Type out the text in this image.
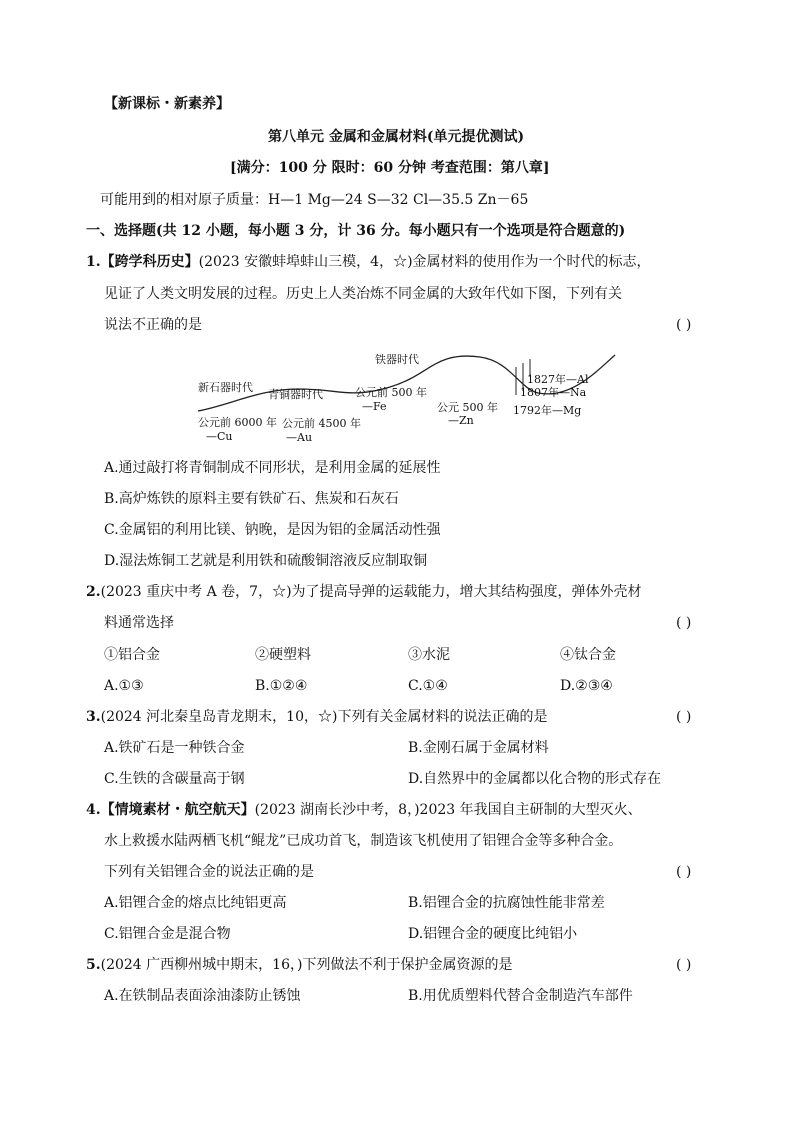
【新课标・新素养】
第八单元 金属和金属材料(单元提优测试)
[满分：100 分 限时：60 分钟 考查范围：第八章]
可能用到的相对原子质量：H—1 Mg—24 S—32 Cl—35.5 Zn－65
一、选择题(共 12 小题，每小题 3 分，计 36 分。每小题只有一个选项是符合题意的)
1.【跨学科历史】(2023 安徽蚌埠蚌山三模，4，☆)金属材料的使用作为一个时代的标志，
见证了人类文明发展的过程。历史上人类冶炼不同金属的大致年代如下图，下列有关
说法不正确的是	( )
新石器时代
青铜器时代
铁器时代
公元前 6000 年
—Cu
公元前 4500 年
—Au
公元前 500 年
—Fe	公元 500 年
—Zn
1827年—Al
1807年—Na
1792年—Mg
A.通过敲打将青铜制成不同形状，是利用金属的延展性
B.高炉炼铁的原料主要有铁矿石、焦炭和石灰石
C.金属铝的利用比镁、钠晚，是因为铝的金属活动性强
D.湿法炼铜工艺就是利用铁和硫酸铜溶液反应制取铜
2.(2023 重庆中考 A 卷，7，☆)为了提高导弹的运载能力，增大其结构强度，弹体外壳材
料通常选择	( )
①铝合金	②硬塑料	③水泥	④钛合金
A.①③	B.①②④	C.①④	D.②③④
3.(2024 河北秦皇岛青龙期末，10，☆)下列有关金属材料的说法正确的是	( )
A.铁矿石是一种铁合金	B.金刚石属于金属材料
C.生铁的含碳量高于钢	D.自然界中的金属都以化合物的形式存在
4.【情境素材・航空航天】(2023 湖南长沙中考，8，)2023 年我国自主研制的大型灭火、
水上救援水陆两栖飞机“鲲龙”已成功首飞，制造该飞机使用了铝锂合金等多种合金。
下列有关铝锂合金的说法正确的是	( )
A.铝锂合金的熔点比纯铝更高	B.铝锂合金的抗腐蚀性能非常差
C.铝锂合金是混合物	D.铝锂合金的硬度比纯铝小
5.(2024 广西柳州城中期末，16，)下列做法不利于保护金属资源的是	( )
A.在铁制品表面涂油漆防止锈蚀	B.用优质塑料代替合金制造汽车部件
